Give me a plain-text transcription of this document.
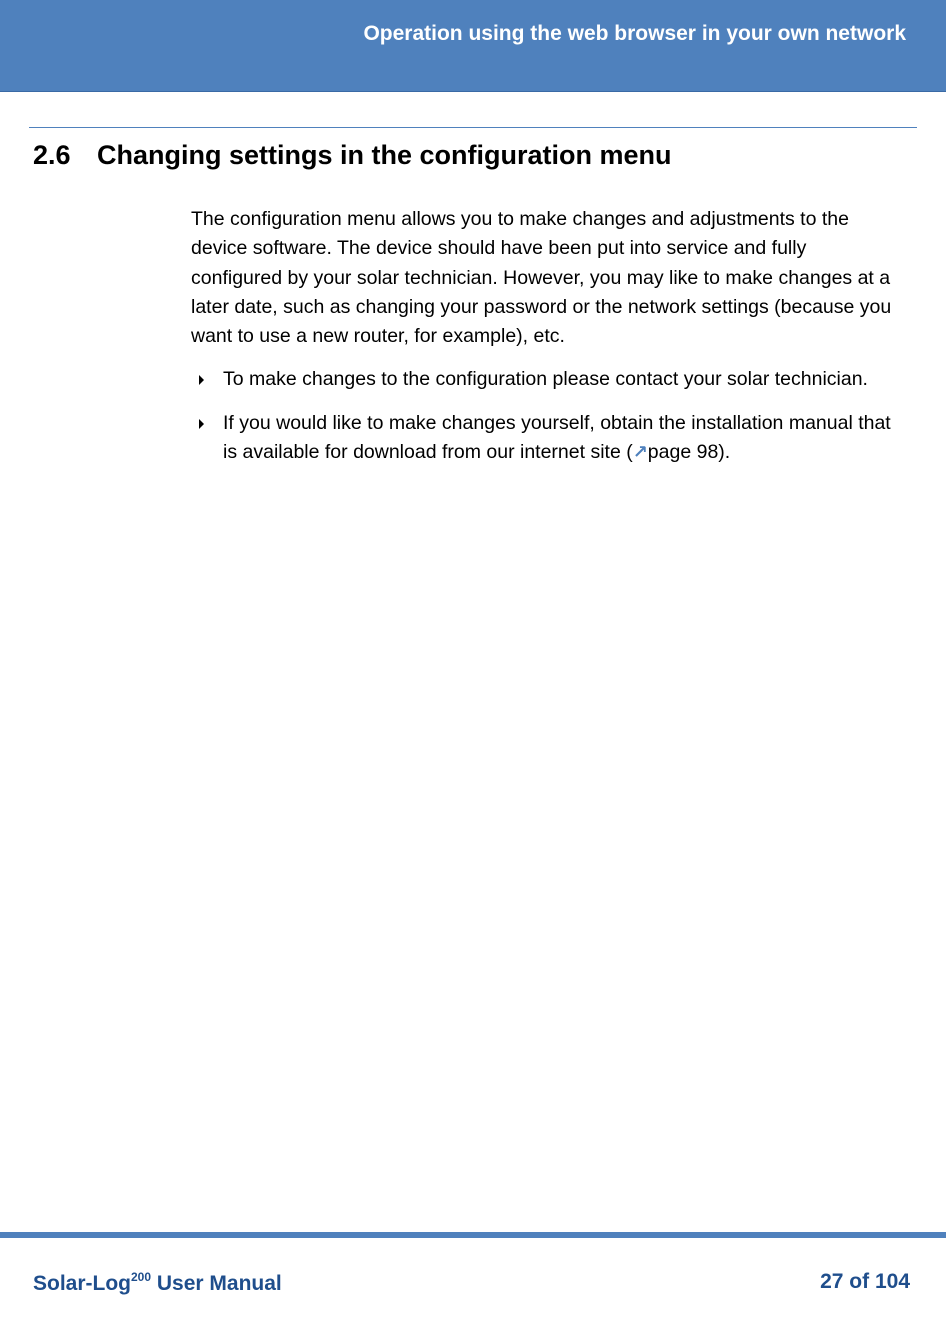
Operation using the web browser in your own network
2.6 Changing settings in the configuration menu

The configuration menu allows you to make changes and adjustments to the device software. The device should have been put into service and fully configured by your solar technician. However, you may like to make changes at a later date, such as changing your password or the network settings (because you want to use a new router, for example), etc.

To make changes to the configuration please contact your solar technician.
If you would like to make changes yourself, obtain the installation manual that is available for download from our internet site (↗page 98).
Solar-Log$^{200}$ User Manual	27 of 104
